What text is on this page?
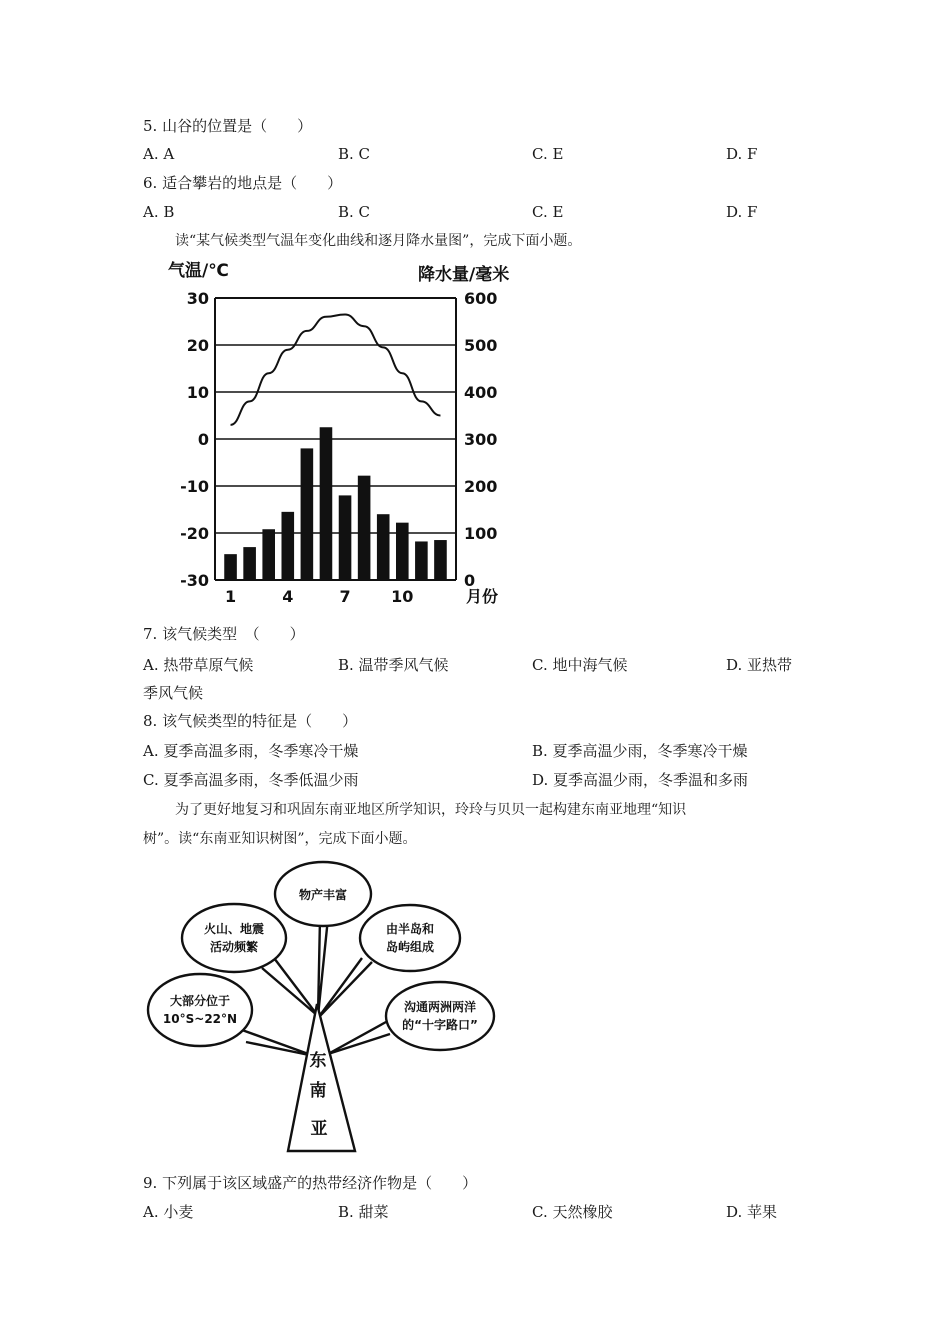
5. 山谷的位置是（　　）
A. A	B. C	C. E	D. F
6. 适合攀岩的地点是（　　）
A. B	B. C	C. E	D. F
读“某气候类型气温年变化曲线和逐月降水量图”，完成下面小题。
30	600
20	500
10	400
0	300
-10	200
-20	100
-30	0
1	4	7	10	月份
气温/℃	降水量/毫米
7. 该气候类型　（　　）
A. 热带草原气候	B. 温带季风气候	C. 地中海气候	D. 亚热带
季风气候
8. 该气候类型的特征是（　　）
A. 夏季高温多雨，冬季寒冷干燥	B. 夏季高温少雨，冬季寒冷干燥
C. 夏季高温多雨，冬季低温少雨	D. 夏季高温少雨，冬季温和多雨
为了更好地复习和巩固东南亚地区所学知识，玲玲与贝贝一起构建东南亚地理“知识
树”。读“东南亚知识树图”，完成下面小题。
物产丰富
火山、地震
活动频繁
由半岛和
岛屿组成
大部分位于
10°S~22°N
沟通两洲两洋
的“十字路口”
东
南
亚
9. 下列属于该区域盛产的热带经济作物是（　　）
A. 小麦	B. 甜菜	C. 天然橡胶	D. 苹果
